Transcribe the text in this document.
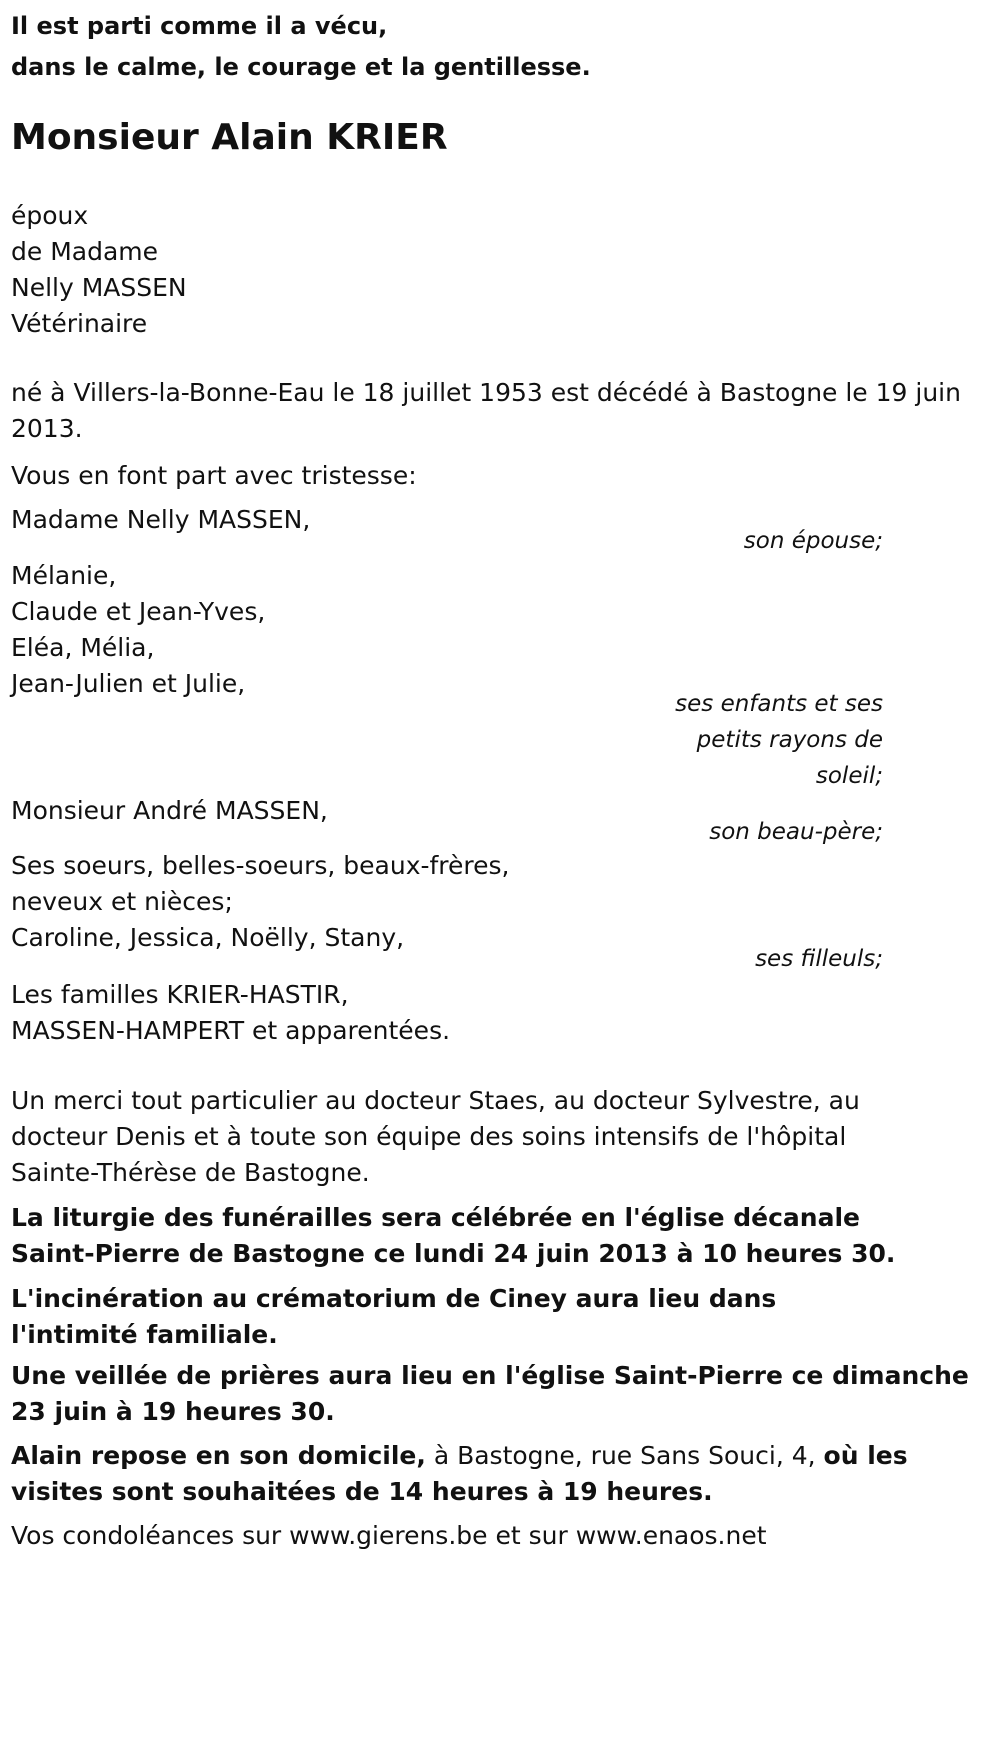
Il est parti comme il a vécu,
dans le calme, le courage et la gentillesse.
Monsieur Alain KRIER
époux
de Madame
Nelly MASSEN
Vétérinaire
né à Villers-la-Bonne-Eau le 18 juillet 1953 est décédé à Bastogne le 19 juin 2013.
Vous en font part avec tristesse:
Madame Nelly MASSEN,
son épouse;
Mélanie,
Claude et Jean-Yves,
Eléa, Mélia,
Jean-Julien et Julie,
ses enfants et ses
petits rayons de
soleil;
Monsieur André MASSEN,
son beau-père;
Ses soeurs, belles-soeurs, beaux-frères,
neveux et nièces;
Caroline, Jessica, Noëlly, Stany,
ses filleuls;
Les familles KRIER-HASTIR,
MASSEN-HAMPERT et apparentées.
Un merci tout particulier au docteur Staes, au docteur Sylvestre, au docteur Denis et à toute son équipe des soins intensifs de l'hôpital Sainte-Thérèse de Bastogne.
La liturgie des funérailles sera célébrée en l'église décanale Saint-Pierre de Bastogne ce lundi 24 juin 2013 à 10 heures 30.
L'incinération au crématorium de Ciney aura lieu dans l'intimité familiale.
Une veillée de prières aura lieu en l'église Saint-Pierre ce dimanche 23 juin à 19 heures 30.
Alain repose en son domicile, à Bastogne, rue Sans Souci, 4, où les visites sont souhaitées de 14 heures à 19 heures.
Vos condoléances sur www.gierens.be et sur www.enaos.net
